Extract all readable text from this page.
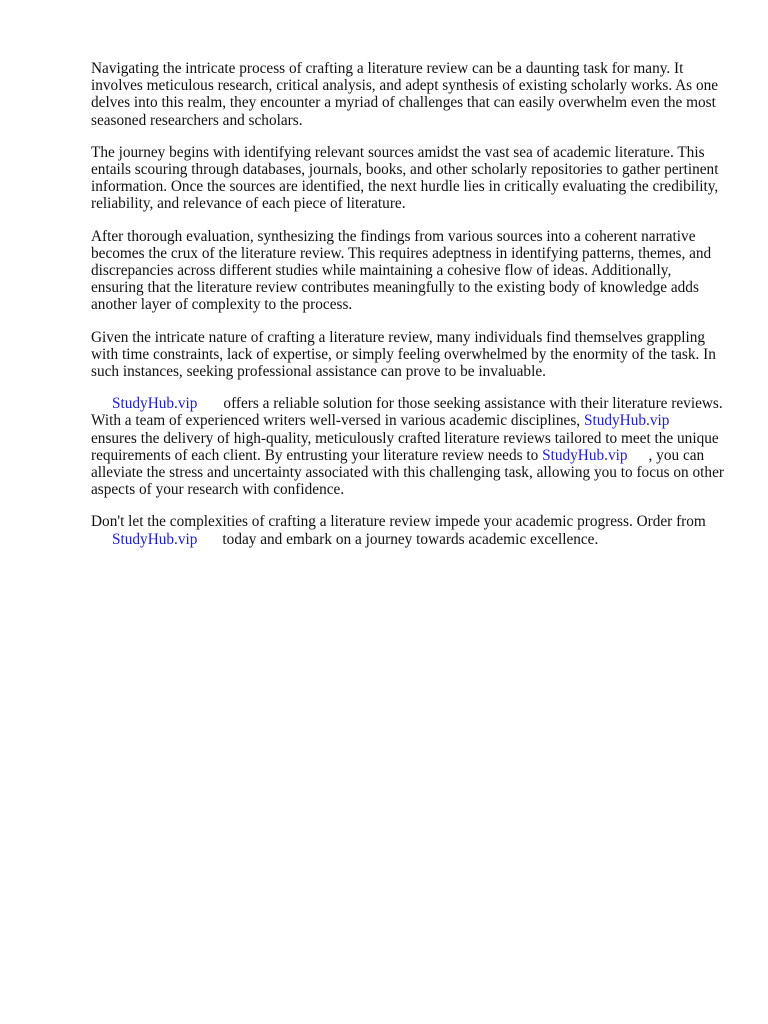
Navigating the intricate process of crafting a literature review can be a daunting task for many. It involves meticulous research, critical analysis, and adept synthesis of existing scholarly works. As one delves into this realm, they encounter a myriad of challenges that can easily overwhelm even the most seasoned researchers and scholars.

The journey begins with identifying relevant sources amidst the vast sea of academic literature. This entails scouring through databases, journals, books, and other scholarly repositories to gather pertinent information. Once the sources are identified, the next hurdle lies in critically evaluating the credibility, reliability, and relevance of each piece of literature.

After thorough evaluation, synthesizing the findings from various sources into a coherent narrative becomes the crux of the literature review. This requires adeptness in identifying patterns, themes, and discrepancies across different studies while maintaining a cohesive flow of ideas. Additionally, ensuring that the literature review contributes meaningfully to the existing body of knowledge adds another layer of complexity to the process.

Given the intricate nature of crafting a literature review, many individuals find themselves grappling with time constraints, lack of expertise, or simply feeling overwhelmed by the enormity of the task. In such instances, seeking professional assistance can prove to be invaluable.

StudyHub.vip offers a reliable solution for those seeking assistance with their literature reviews. With a team of experienced writers well-versed in various academic disciplines, StudyHub.vipensures the delivery of high-quality, meticulously crafted literature reviews tailored to meet the unique requirements of each client. By entrusting your literature review needs to StudyHub.vip , you can alleviate the stress and uncertainty associated with this challenging task, allowing you to focus on other aspects of your research with confidence.

Don't let the complexities of crafting a literature review impede your academic progress. Order from StudyHub.vip today and embark on a journey towards academic excellence.
